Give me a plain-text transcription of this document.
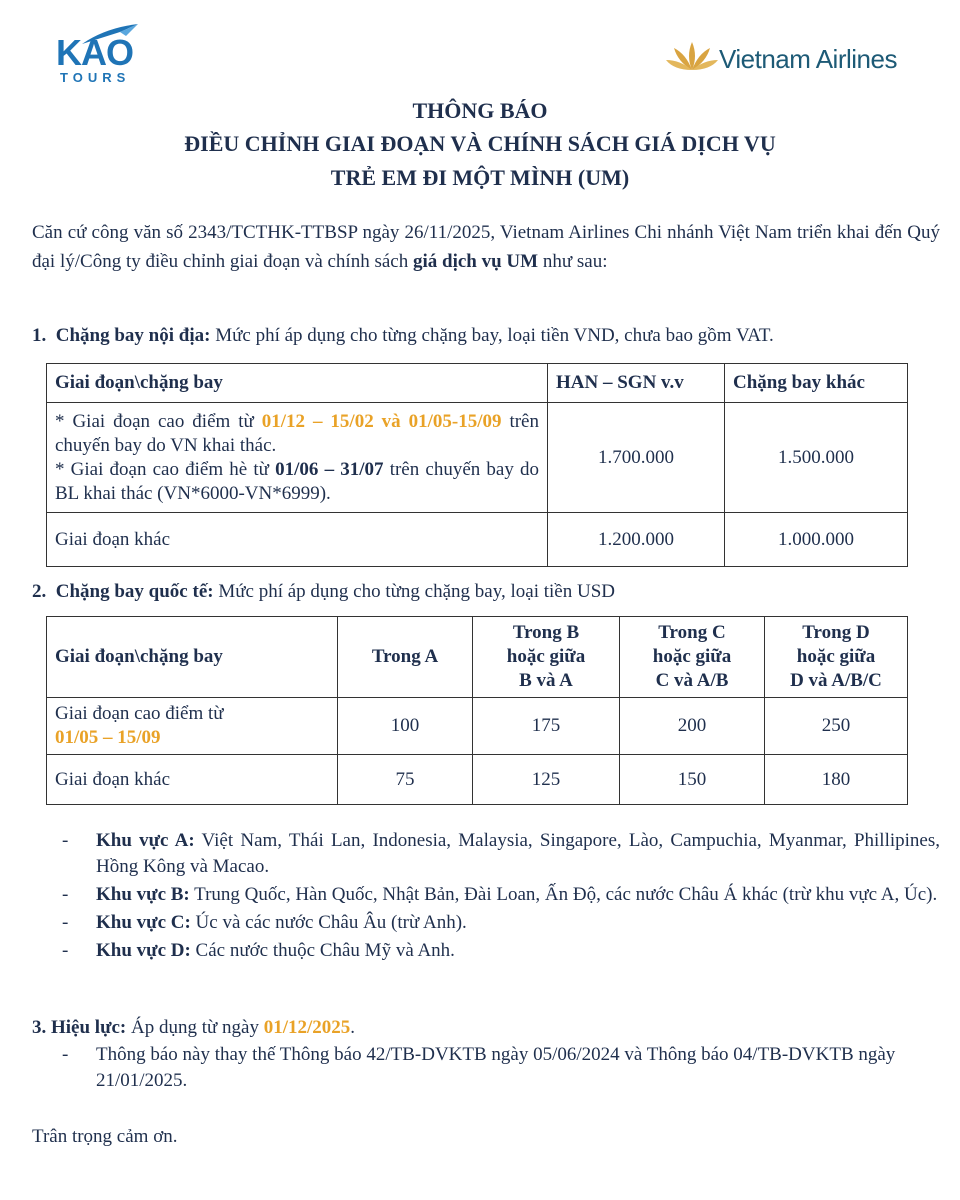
KAO
TOURS
Vietnam Airlines
THÔNG BÁO
ĐIỀU CHỈNH GIAI ĐOẠN VÀ CHÍNH SÁCH GIÁ DỊCH VỤ
TRẺ EM ĐI MỘT MÌNH (UM)
Căn cứ công văn số 2343/TCTHK-TTBSP ngày 26/11/2025, Vietnam Airlines Chi nhánh Việt Nam triển khai đến Quý đại lý/Công ty điều chỉnh giai đoạn và chính sách giá dịch vụ UM như sau:
1. Chặng bay nội địa: Mức phí áp dụng cho từng chặng bay, loại tiền VND, chưa bao gồm VAT.
Giai đoạn\chặng bay	HAN – SGN v.v	Chặng bay khác
* Giai đoạn cao điểm từ 01/12 – 15/02 và 01/05-15/09 trên chuyến bay do VN khai thác.
* Giai đoạn cao điểm hè từ 01/06 – 31/07 trên chuyến bay do BL khai thác (VN*6000-VN*6999).	1.700.000	1.500.000
Giai đoạn khác	1.200.000	1.000.000
2. Chặng bay quốc tế: Mức phí áp dụng cho từng chặng bay, loại tiền USD
Giai đoạn\chặng bay	Trong A	Trong B
hoặc giữa
B và A	Trong C
hoặc giữa
C và A/B	Trong D
hoặc giữa
D và A/B/C
Giai đoạn cao điểm từ
01/05 – 15/09	100	175	200	250
Giai đoạn khác	75	125	150	180
- Khu vực A: Việt Nam, Thái Lan, Indonesia, Malaysia, Singapore, Lào, Campuchia, Myanmar, Phillipines, Hồng Kông và Macao.
- Khu vực B: Trung Quốc, Hàn Quốc, Nhật Bản, Đài Loan, Ấn Độ, các nước Châu Á khác (trừ khu vực A, Úc).
- Khu vực C: Úc và các nước Châu Âu (trừ Anh).
- Khu vực D: Các nước thuộc Châu Mỹ và Anh.
3. Hiệu lực: Áp dụng từ ngày 01/12/2025.
- Thông báo này thay thế Thông báo 42/TB-DVKTB ngày 05/06/2024 và Thông báo 04/TB-DVKTB ngày 21/01/2025.
Trân trọng cảm ơn.
